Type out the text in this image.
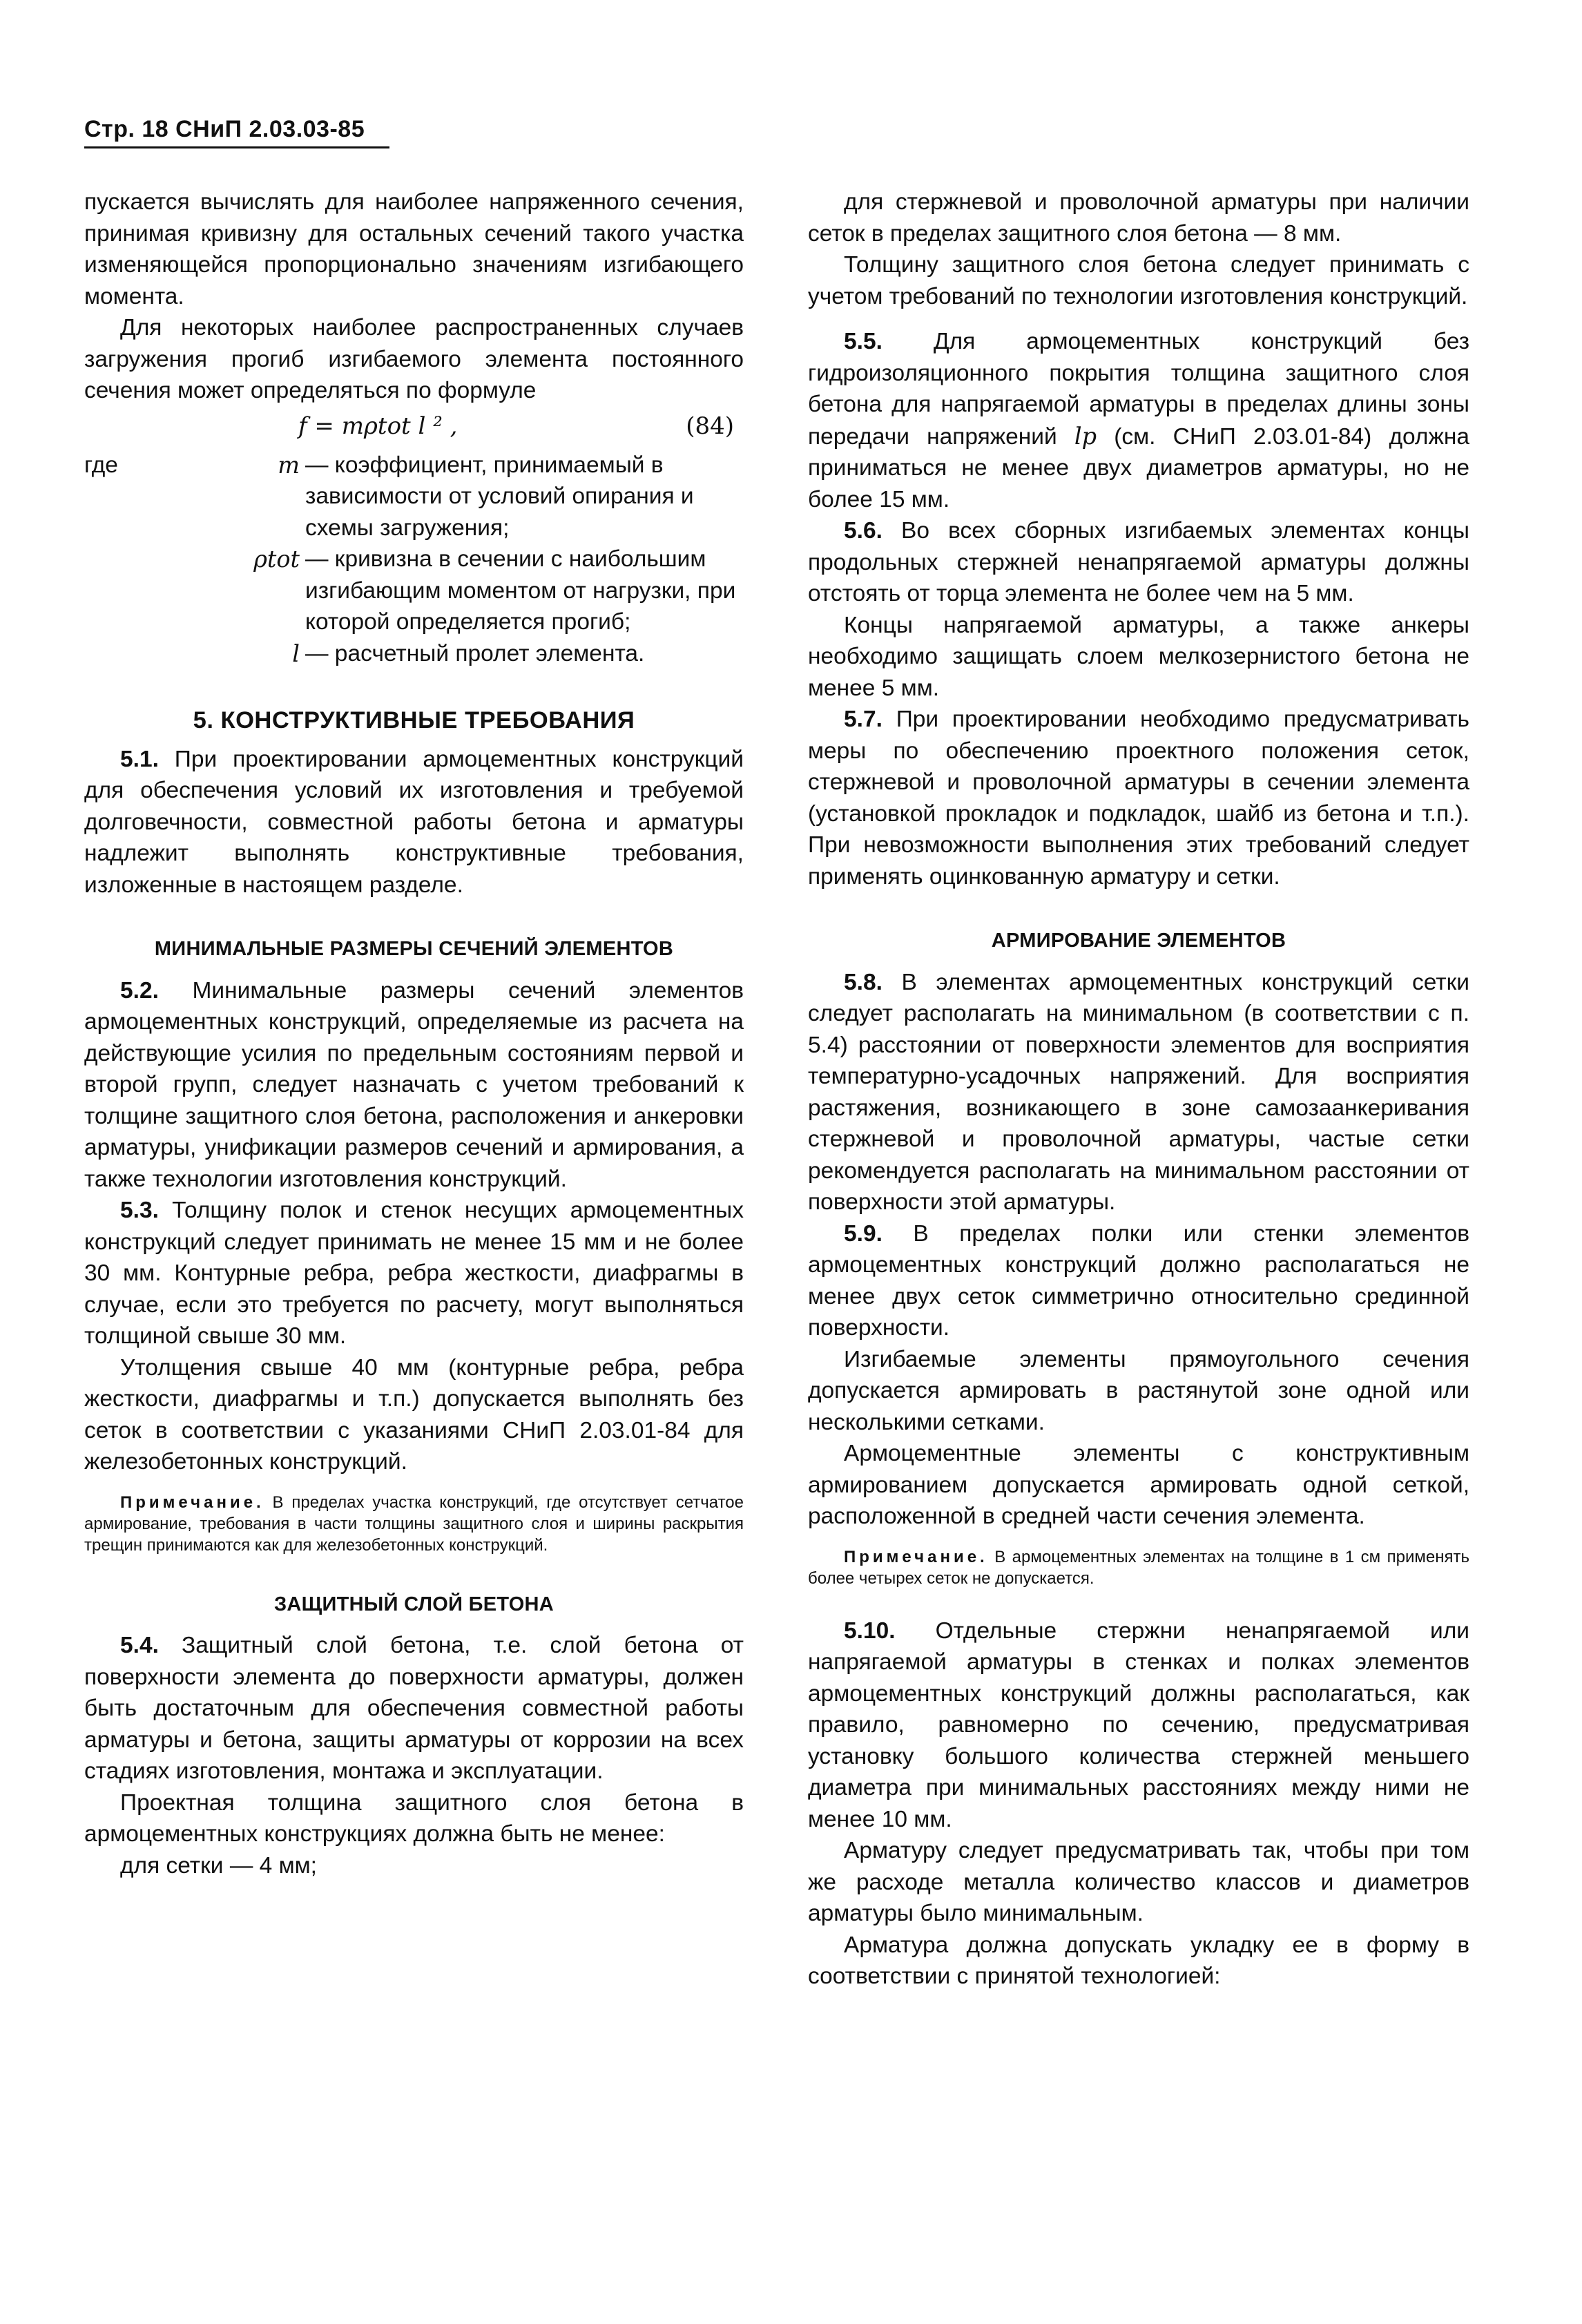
Стр. 18 СНиП 2.03.03-85

пускается вычислять для наиболее напряженного сечения, принимая кривизну для остальных сечений такого участка изменяющейся пропорционально значениям изгибающего момента.

Для некоторых наиболее распространенных случаев загружения прогиб изгибаемого элемента постоянного сечения может определяться по формуле

f = mρtot l ² ,	(84)
где	m — коэффициент, принимаемый в зависимости от условий опирания и схемы загружения;
ρtot — кривизна в сечении с наибольшим изгибающим моментом от нагрузки, при которой определяется прогиб;
l — расчетный пролет элемента.
5. КОНСТРУКТИВНЫЕ ТРЕБОВАНИЯ

5.1. При проектировании армоцементных конструкций для обеспечения условий их изготовления и требуемой долговечности, совместной работы бетона и арматуры надлежит выполнять конструктивные требования, изложенные в настоящем разделе.

МИНИМАЛЬНЫЕ РАЗМЕРЫ СЕЧЕНИЙ ЭЛЕМЕНТОВ

5.2. Минимальные размеры сечений элементов армоцементных конструкций, определяемые из расчета на действующие усилия по предельным состояниям первой и второй групп, следует назначать с учетом требований к толщине защитного слоя бетона, расположения и анкеровки арматуры, унификации размеров сечений и армирования, а также технологии изготовления конструкций.

5.3. Толщину полок и стенок несущих армоцементных конструкций следует принимать не менее 15 мм и не более 30 мм. Контурные ребра, ребра жесткости, диафрагмы в случае, если это требуется по расчету, могут выполняться толщиной свыше 30 мм.

Утолщения свыше 40 мм (контурные ребра, ребра жесткости, диафрагмы и т.п.) допускается выполнять без сеток в соответствии с указаниями СНиП 2.03.01-84 для железобетонных конструкций.

Примечание. В пределах участка конструкций, где отсутствует сетчатое армирование, требования в части толщины защитного слоя и ширины раскрытия трещин принимаются как для железобетонных конструкций.

ЗАЩИТНЫЙ СЛОЙ БЕТОНА

5.4. Защитный слой бетона, т.е. слой бетона от поверхности элемента до поверхности арматуры, должен быть достаточным для обеспечения совместной работы арматуры и бетона, защиты арматуры от коррозии на всех стадиях изготовления, монтажа и эксплуатации.

Проектная толщина защитного слоя бетона в армоцементных конструкциях должна быть не менее:

для сетки — 4 мм;

для стержневой и проволочной арматуры при наличии сеток в пределах защитного слоя бетона — 8 мм.

Толщину защитного слоя бетона следует принимать с учетом требований по технологии изготовления конструкций.

5.5. Для армоцементных конструкций без гидроизоляционного покрытия толщина защитного слоя бетона для напрягаемой арматуры в пределах длины зоны передачи напряжений lp (см. СНиП 2.03.01-84) должна приниматься не менее двух диаметров арматуры, но не более 15 мм.

5.6. Во всех сборных изгибаемых элементах концы продольных стержней ненапрягаемой арматуры должны отстоять от торца элемента не более чем на 5 мм.

Концы напрягаемой арматуры, а также анкеры необходимо защищать слоем мелкозернистого бетона не менее 5 мм.

5.7. При проектировании необходимо предусматривать меры по обеспечению проектного положения сеток, стержневой и проволочной арматуры в сечении элемента (установкой прокладок и подкладок, шайб из бетона и т.п.). При невозможности выполнения этих требований следует применять оцинкованную арматуру и сетки.

АРМИРОВАНИЕ ЭЛЕМЕНТОВ

5.8. В элементах армоцементных конструкций сетки следует располагать на минимальном (в соответствии с п. 5.4) расстоянии от поверхности элементов для восприятия температурно-усадочных напряжений. Для восприятия растяжения, возникающего в зоне самозаанкеривания стержневой и проволочной арматуры, частые сетки рекомендуется располагать на минимальном расстоянии от поверхности этой арматуры.

5.9. В пределах полки или стенки элементов армоцементных конструкций должно располагаться не менее двух сеток симметрично относительно срединной поверхности.

Изгибаемые элементы прямоугольного сечения допускается армировать в растянутой зоне одной или несколькими сетками.

Армоцементные элементы с конструктивным армированием допускается армировать одной сеткой, расположенной в средней части сечения элемента.

Примечание. В армоцементных элементах на толщине в 1 см применять более четырех сеток не допускается.

5.10. Отдельные стержни ненапрягаемой или напрягаемой арматуры в стенках и полках элементов армоцементных конструкций должны располагаться, как правило, равномерно по сечению, предусматривая установку большого количества стержней меньшего диаметра при минимальных расстояниях между ними не менее 10 мм.

Арматуру следует предусматривать так, чтобы при том же расходе металла количество классов и диаметров арматуры было минимальным.

Арматура должна допускать укладку ее в форму в соответствии с принятой технологией:
